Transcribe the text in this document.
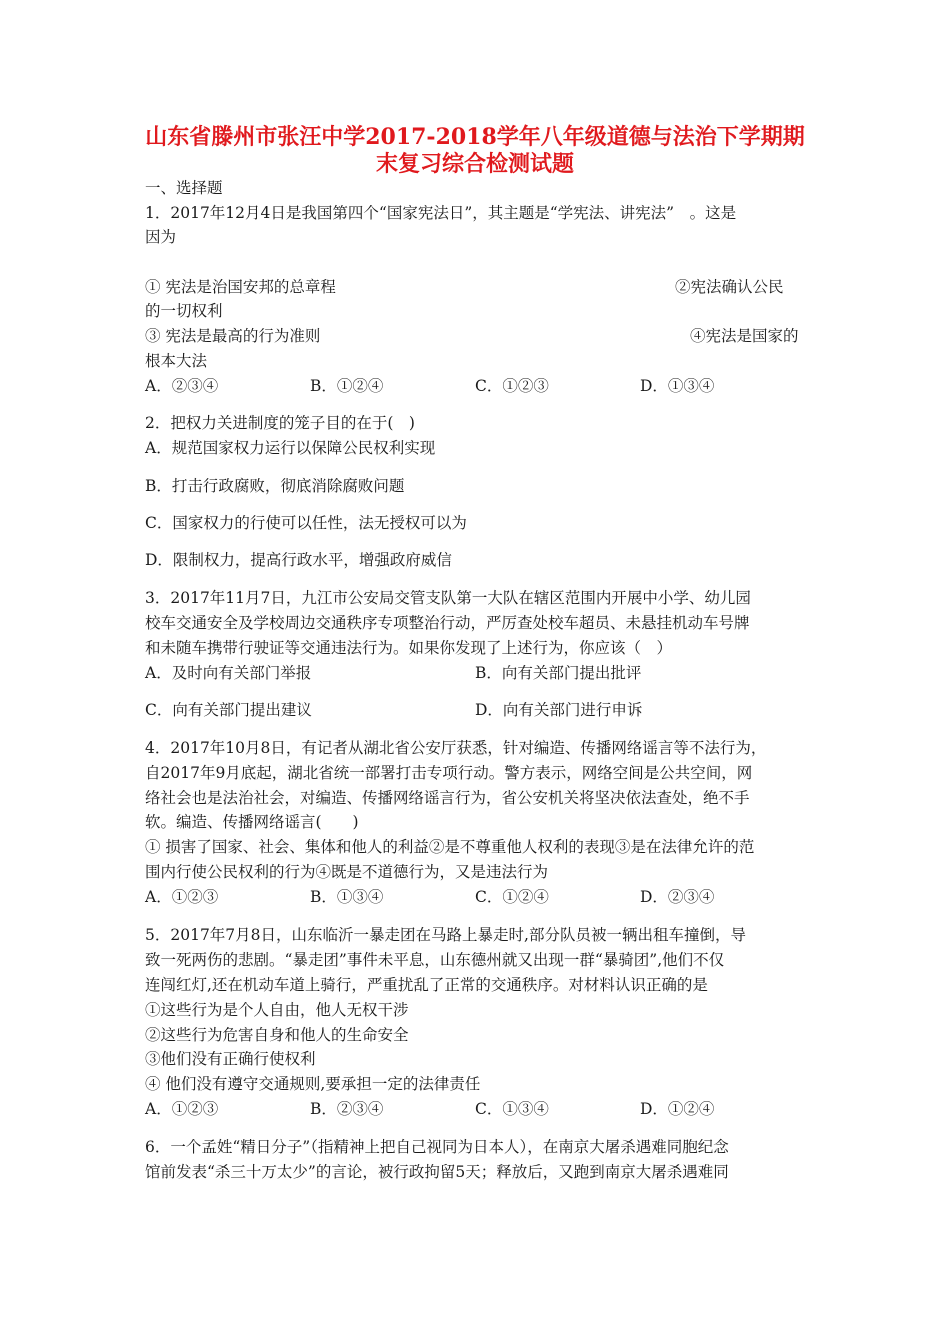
山东省滕州市张汪中学2017-2018学年八年级道德与法治下学期期
末复习综合检测试题
一、选择题
1．2017年12月4日是我国第四个“国家宪法日”，其主题是“学宪法、讲宪法”　。这是
因为
① 宪法是治国安邦的总章程	②宪法确认公民
的一切权利
③ 宪法是最高的行为准则	④宪法是国家的
根本大法
A．②③④	B．①②④	C．①②③	D．①③④
2．把权力关进制度的笼子目的在于(　)
A．规范国家权力运行以保障公民权利实现
B．打击行政腐败，彻底消除腐败问题
C．国家权力的行使可以任性，法无授权可以为
D．限制权力，提高行政水平，增强政府威信
3．2017年11月7日，九江市公安局交管支队第一大队在辖区范围内开展中小学、幼儿园
校车交通安全及学校周边交通秩序专项整治行动，严厉查处校车超员、未悬挂机动车号牌
和未随车携带行驶证等交通违法行为。如果你发现了上述行为，你应该（　）
A．及时向有关部门举报	B．向有关部门提出批评
C．向有关部门提出建议	D．向有关部门进行申诉
4．2017年10月8日，有记者从湖北省公安厅获悉，针对编造、传播网络谣言等不法行为，
自2017年9月底起，湖北省统一部署打击专项行动。警方表示，网络空间是公共空间，网
络社会也是法治社会，对编造、传播网络谣言行为，省公安机关将坚决依法查处，绝不手
软。编造、传播网络谣言(　　)
① 损害了国家、社会、集体和他人的利益②是不尊重他人权利的表现③是在法律允许的范
围内行使公民权利的行为④既是不道德行为，又是违法行为
A．①②③	B．①③④	C．①②④	D．②③④
5．2017年7月8日，山东临沂一暴走团在马路上暴走时,部分队员被一辆出租车撞倒，导
致一死两伤的悲剧。“暴走团”事件未平息，山东德州就又出现一群“暴骑团”,他们不仅
连闯红灯,还在机动车道上骑行，严重扰乱了正常的交通秩序。对材料认识正确的是
①这些行为是个人自由，他人无权干涉
②这些行为危害自身和他人的生命安全
③他们没有正确行使权利
④ 他们没有遵守交通规则,要承担一定的法律责任
A．①②③	B．②③④	C．①③④	D．①②④
6．一个孟姓“精日分子”（指精神上把自己视同为日本人），在南京大屠杀遇难同胞纪念
馆前发表“杀三十万太少”的言论，被行政拘留5天；释放后，又跑到南京大屠杀遇难同
